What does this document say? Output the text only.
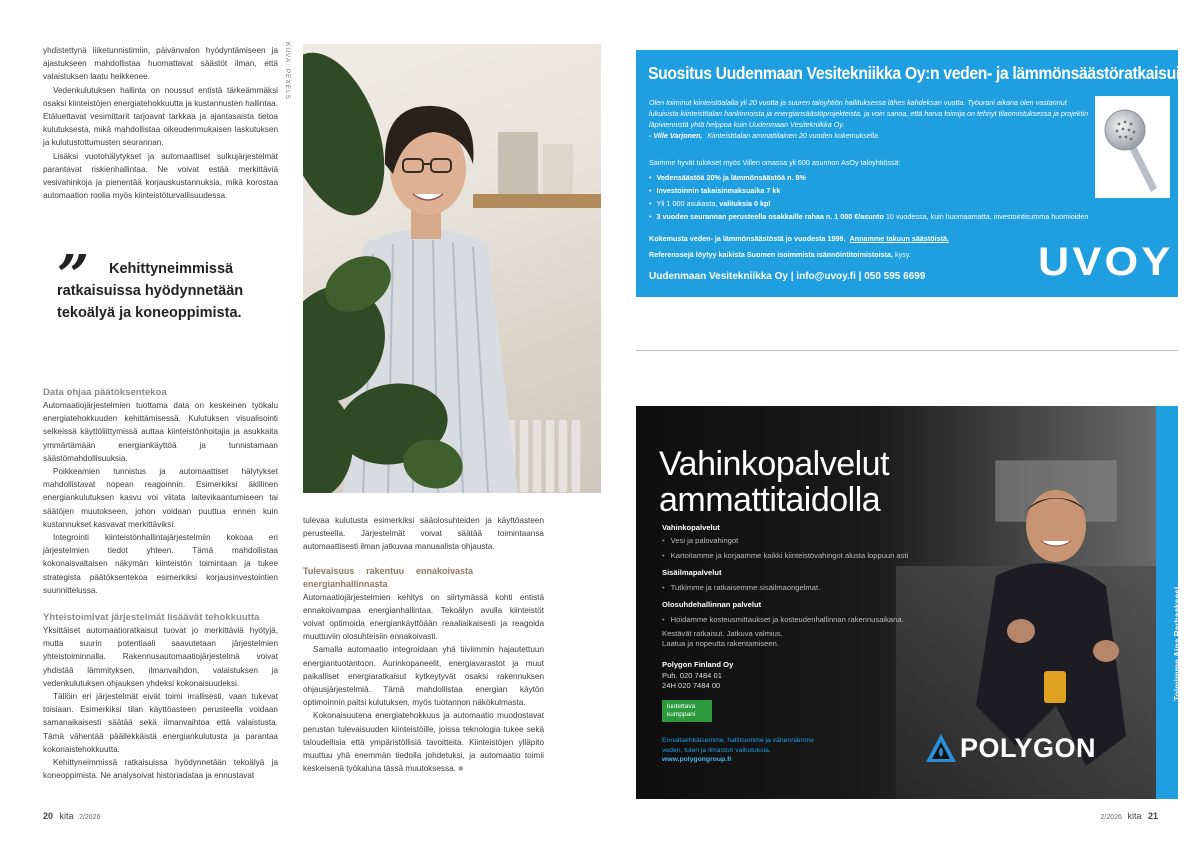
yhdistettynä liiketunnistimiin, päivänvalon hyödyntämiseen ja ajastukseen mahdollistaa huomattavat säästöt ilman, että valaistuksen laatu heikkenee.

Vedenkulutuksen hallinta on noussut entistä tärkeämmäksi osaksi kiinteistöjen energiatehokkuutta ja kustannusten hallintaa. Etäluettavat vesimittarit tarjoavat tarkkaa ja ajantasaista tietoa kulutuksesta, mikä mahdollistaa oikeudenmukaisen laskutuksen ja kulutustottumusten seurannan.

Lisäksi vuotohälytykset ja automaattiset sulkujärjestelmät parantavat riskienhallintaa. Ne voivat estää merkittäviä vesivahinkoja ja pienentää korjauskustannuksia, mikä korostaa automaation roolia myös kiinteistöturvallisuudessa.

”	Kehittyneimmissä ratkaisuissa hyödynnetään tekoälyä ja koneoppimista.
Data ohjaa päätöksentekoa

Automaatiojärjestelmien tuottama data on keskeinen työkalu energiatehokkuuden kehittämisessä. Kulutuksen visualisointi selkeissä käyttöliittymissä auttaa kiinteistönhoitajia ja asukkaita ymmärtämään energiankäyttöä ja tunnistamaan säästömahdollisuuksia.

Poikkeamien tunnistus ja automaattiset hälytykset mahdollistavat nopean reagoinnin. Esimerkiksi äkillinen energiankulutuksen kasvu voi viitata laitevikaantumiseen tai säätöjen muutokseen, johon voidaan puuttua ennen kuin kustannukset kasvavat merkittäviksi.

Integrointi kiinteistönhallintajärjestelmiin kokoaa eri järjestelmien tiedot yhteen. Tämä mahdollistaa kokonaisvaltaisen näkymän kiinteistön toimintaan ja tukee strategista päätöksentekoa esimerkiksi korjausinvestointien suunnittelussa.

Yhteistoimivat järjestelmät lisäävät tehokkuutta

Yksittäiset automaatioratkaisut tuovat jo merkittäviä hyötyjä, mutta suurin potentiaali saavutetaan järjestelmien yhteistoiminnalla. Rakennusautomaatiojärjestelmä voivat yhdistää lämmityksen, ilmanvaihdon, valaistuksen ja vedenkulutuksen ohjauksen yhdeksi kokonaisuudeksi.

Tällöin eri järjestelmät eivät toimi irrallisesti, vaan tukevat toisiaan. Esimerkiksi tilan käyttöasteen perusteella voidaan samanaikaisesti säätää sekä ilmanvaihtoa että valaistusta. Tämä vähentää päällekkäistä energiankulutusta ja parantaa kokonaistehokkuutta.

Kehittyneimmissä ratkaisuissa hyödynnetään tekoälyä ja koneoppimista. Ne analysoivat historiadataa ja ennustavat

KUVA: PEXELS

tulevaa kulutusta esimerkiksi sääolosuhteiden ja käyttöasteen perusteella. Järjestelmät voivat säätää toimintaansa automaattisesti ilman jatkuvaa manuaalista ohjausta.

Tulevaisuus rakentuu ennakoivasta energianhallinnasta

Automaatiojärjestelmien kehitys on siirtymässä kohti entistä ennakoivampaa energianhallintaa. Tekoälyn avulla kiinteistöt voivat optimoida energiankäyttöään reaaliaikaisesti ja reagoida muuttuviin olosuhteisiin ennakoivasti.

Samalla automaatio integroidaan yhä tiiviimmin hajautettuun energiantuotantoon. Aurinkopaneelit, energiavarastot ja muut paikalliset energiaratkaisut kytkeytyvät osaksi rakennuksen ohjausjärjestelmiä. Tämä mahdollistaa energian käytön optimoinnin paitsi kulutuksen, myös tuotannon näkökulmasta.

Kokonaisuutena energiatehokkuus ja automaatio muodostavat perustan tulevaisuuden kiinteistöille, joissa teknologia tukee sekä taloudellisia että ympäristöllisiä tavoitteita. Kiinteistöjen ylläpito muuttuu yhä enemmän tiedolla johdetuksi, ja automaatio toimii keskeisenä työkaluna tässä muutoksessa. ■

20 kita 2/2026
Suositus Uudenmaan Vesitekniikka Oy:n veden- ja lämmönsäästöratkaisuille
Olen toiminut kiinteistöalalla yli 20 vuotta ja suuren taloyhtiön hallituksessa lähes kahdeksan vuotta. Työurani aikana olen vastannut lukuisista kiinteistöalan hankinnoista ja energiansäästöprojekteista, ja voin sanoa, että harva toimija on tehnyt tilaomistuksessa ja projektin läpiviennistä yhtä helppoa kuin Uudenmaan Vesitekniikka Oy.
- Ville Varjonen, Kiinteistöalan ammattilainen 20 vuoden kokemuksella
Saimme hyvät tulokset myös Villen omassa yli 600 asunnon AsOy taloyhtiössä:
• Vedensäästöä 20% ja lämmönsäästöä n. 8%
• Investoinnin takaisinmaksuaika 7 kk
• Yli 1 000 asukasta, valituksia 0 kpl
• 3 vuoden seurannan perusteella osakkaille rahaa n. 1 000 €/asunto 10 vuodessa, kuin huomaamatta, investointisumma huomioiden
Kokemusta veden- ja lämmönsäästöstä jo vuodesta 1999. Annamme takuun säästöistä.
Referenssejä löytyy kaikista Suomen isoimmista isännöintitoimistoista, kysy.
Uudenmaan Vesitekniikka Oy | info@uvoy.fi | 050 595 6699	UVOY
Vahinkopalvelut
ammattitaidolla
Vahinkopalvelut
• Vesi ja palovahingot
• Kartoitamme ja korjaamme kaikki kiinteistövahingot alusta loppuun asti
Sisäilmapalvelut
• Tutkimme ja ratkaisemme sisäilmaongelmat.
Olosuhdehallinnan palvelut
• Hoidamme kosteusmittaukset ja kosteudenhallinnan rakennusaikana.
Kestävät ratkaisut. Jatkuva valmius.
Laatua ja nopeutta rakentamiseen.
Polygon Finland Oy
Puh. 020 7484 01
24H 020 7484 00
luotettava
kumppani
Ennaltaehkäisemme, hallitsemme ja vähennämme
veden, tulen ja ilmaston vaikutuksia.
www.polygongroup.fi	POLYGON
Toimimme Aina Parhaaksesi.
2/2026 kita 21
